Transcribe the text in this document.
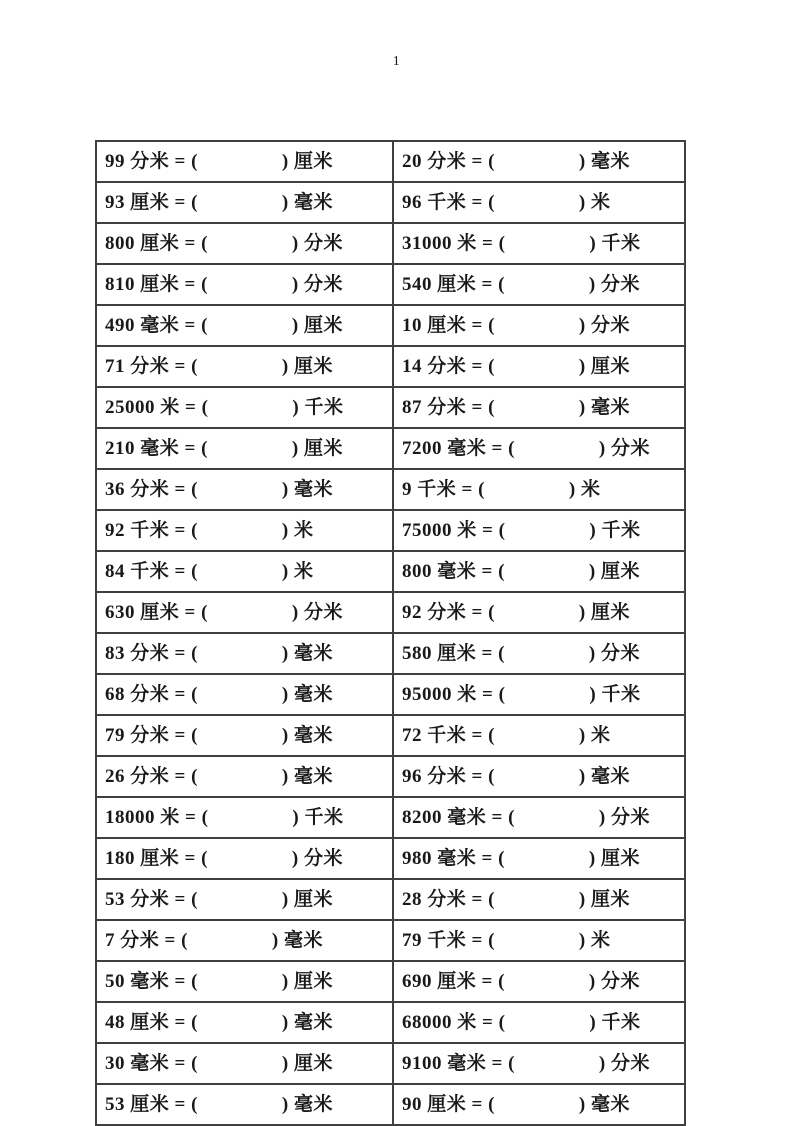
1
99 分米 = ( ) 厘米	20 分米 = ( ) 毫米
93 厘米 = ( ) 毫米	96 千米 = ( ) 米
800 厘米 = ( ) 分米	31000 米 = ( ) 千米
810 厘米 = ( ) 分米	540 厘米 = ( ) 分米
490 毫米 = ( ) 厘米	10 厘米 = ( ) 分米
71 分米 = ( ) 厘米	14 分米 = ( ) 厘米
25000 米 = ( ) 千米	87 分米 = ( ) 毫米
210 毫米 = ( ) 厘米	7200 毫米 = ( ) 分米
36 分米 = ( ) 毫米	9 千米 = ( ) 米
92 千米 = ( ) 米	75000 米 = ( ) 千米
84 千米 = ( ) 米	800 毫米 = ( ) 厘米
630 厘米 = ( ) 分米	92 分米 = ( ) 厘米
83 分米 = ( ) 毫米	580 厘米 = ( ) 分米
68 分米 = ( ) 毫米	95000 米 = ( ) 千米
79 分米 = ( ) 毫米	72 千米 = ( ) 米
26 分米 = ( ) 毫米	96 分米 = ( ) 毫米
18000 米 = ( ) 千米	8200 毫米 = ( ) 分米
180 厘米 = ( ) 分米	980 毫米 = ( ) 厘米
53 分米 = ( ) 厘米	28 分米 = ( ) 厘米
7 分米 = ( ) 毫米	79 千米 = ( ) 米
50 毫米 = ( ) 厘米	690 厘米 = ( ) 分米
48 厘米 = ( ) 毫米	68000 米 = ( ) 千米
30 毫米 = ( ) 厘米	9100 毫米 = ( ) 分米
53 厘米 = ( ) 毫米	90 厘米 = ( ) 毫米
